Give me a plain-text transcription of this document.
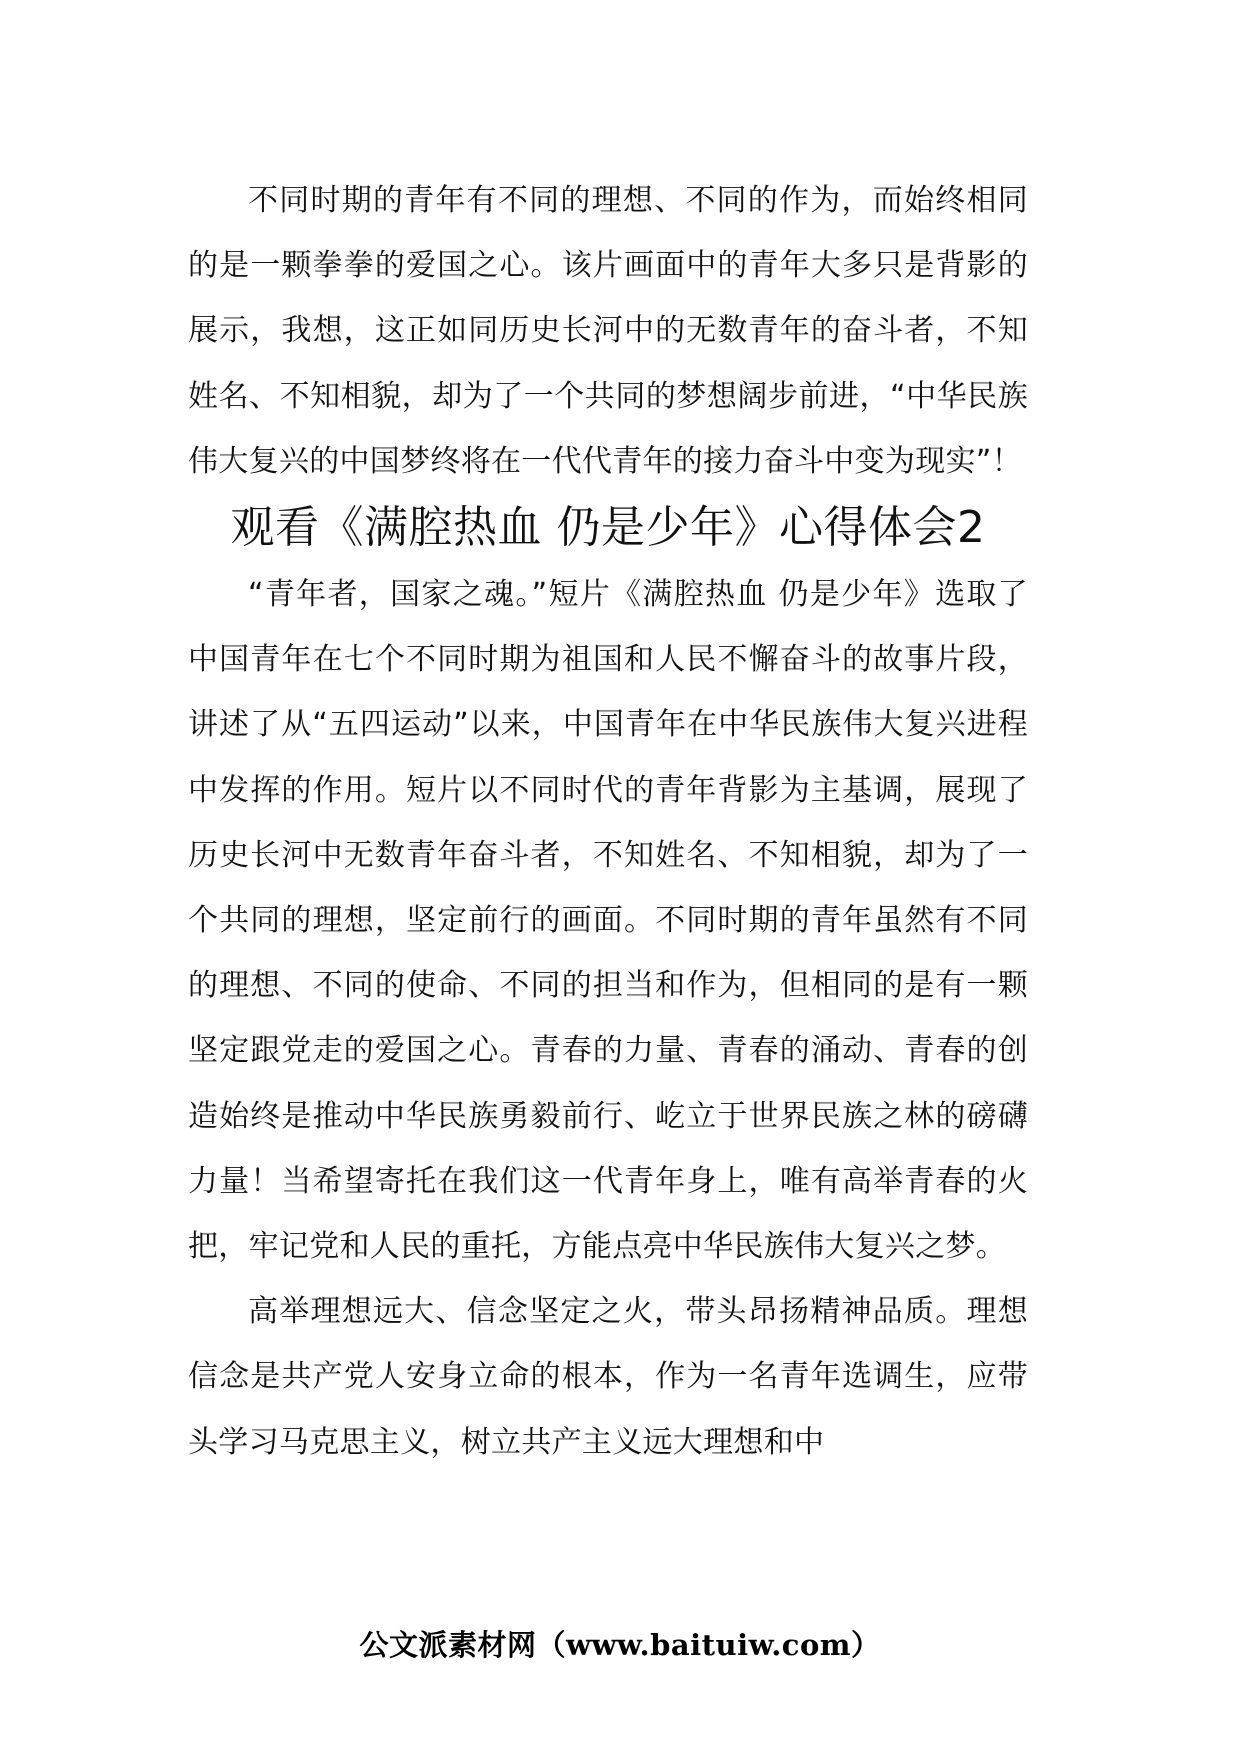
不同时期的青年有不同的理想、不同的作为，而始终相同的是一颗拳拳的爱国之心。该片画面中的青年大多只是背影的展示，我想，这正如同历史长河中的无数青年的奋斗者，不知姓名、不知相貌，却为了一个共同的梦想阔步前进，“中华民族伟大复兴的中国梦终将在一代代青年的接力奋斗中变为现实”！

观看《满腔热血 仍是少年》心得体会2

“青年者，国家之魂。”短片《满腔热血 仍是少年》选取了中国青年在七个不同时期为祖国和人民不懈奋斗的故事片段，讲述了从“五四运动”以来，中国青年在中华民族伟大复兴进程中发挥的作用。短片以不同时代的青年背影为主基调，展现了历史长河中无数青年奋斗者，不知姓名、不知相貌，却为了一个共同的理想，坚定前行的画面。不同时期的青年虽然有不同的理想、不同的使命、不同的担当和作为，但相同的是有一颗坚定跟党走的爱国之心。青春的力量、青春的涌动、青春的创造始终是推动中华民族勇毅前行、屹立于世界民族之林的磅礴力量！当希望寄托在我们这一代青年身上，唯有高举青春的火把，牢记党和人民的重托，方能点亮中华民族伟大复兴之梦。

高举理想远大、信念坚定之火，带头昂扬精神品质。理想信念是共产党人安身立命的根本，作为一名青年选调生，应带头学习马克思主义，树立共产主义远大理想和中

公文派素材网（www.baituiw.com）
